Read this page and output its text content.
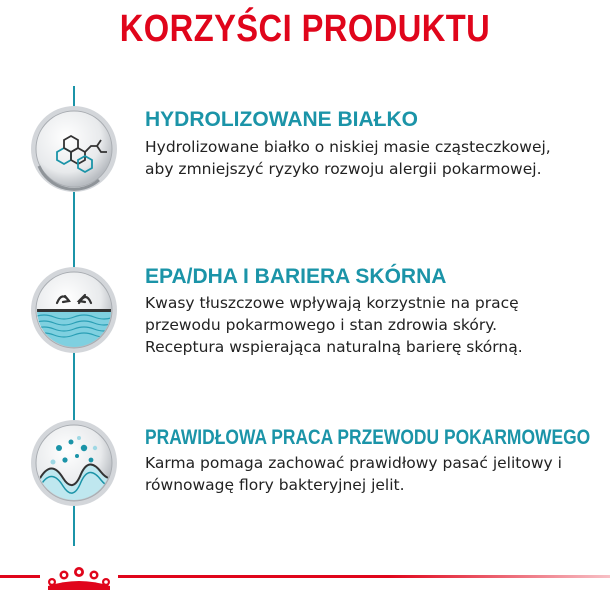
KORZYŚCI PRODUKTU
HYDROLIZOWANE BIAŁKO
Hydrolizowane białko o niskiej masie cząsteczkowej,
aby zmniejszyć ryzyko rozwoju alergii pokarmowej.
EPA/DHA I BARIERA SKÓRNA
Kwasy tłuszczowe wpływają korzystnie na pracę
przewodu pokarmowego i stan zdrowia skóry.
Receptura wspierająca naturalną barierę skórną.
PRAWIDŁOWA PRACA PRZEWODU POKARMOWEGO
Karma pomaga zachować prawidłowy pasać jelitowy i
równowagę flory bakteryjnej jelit.
